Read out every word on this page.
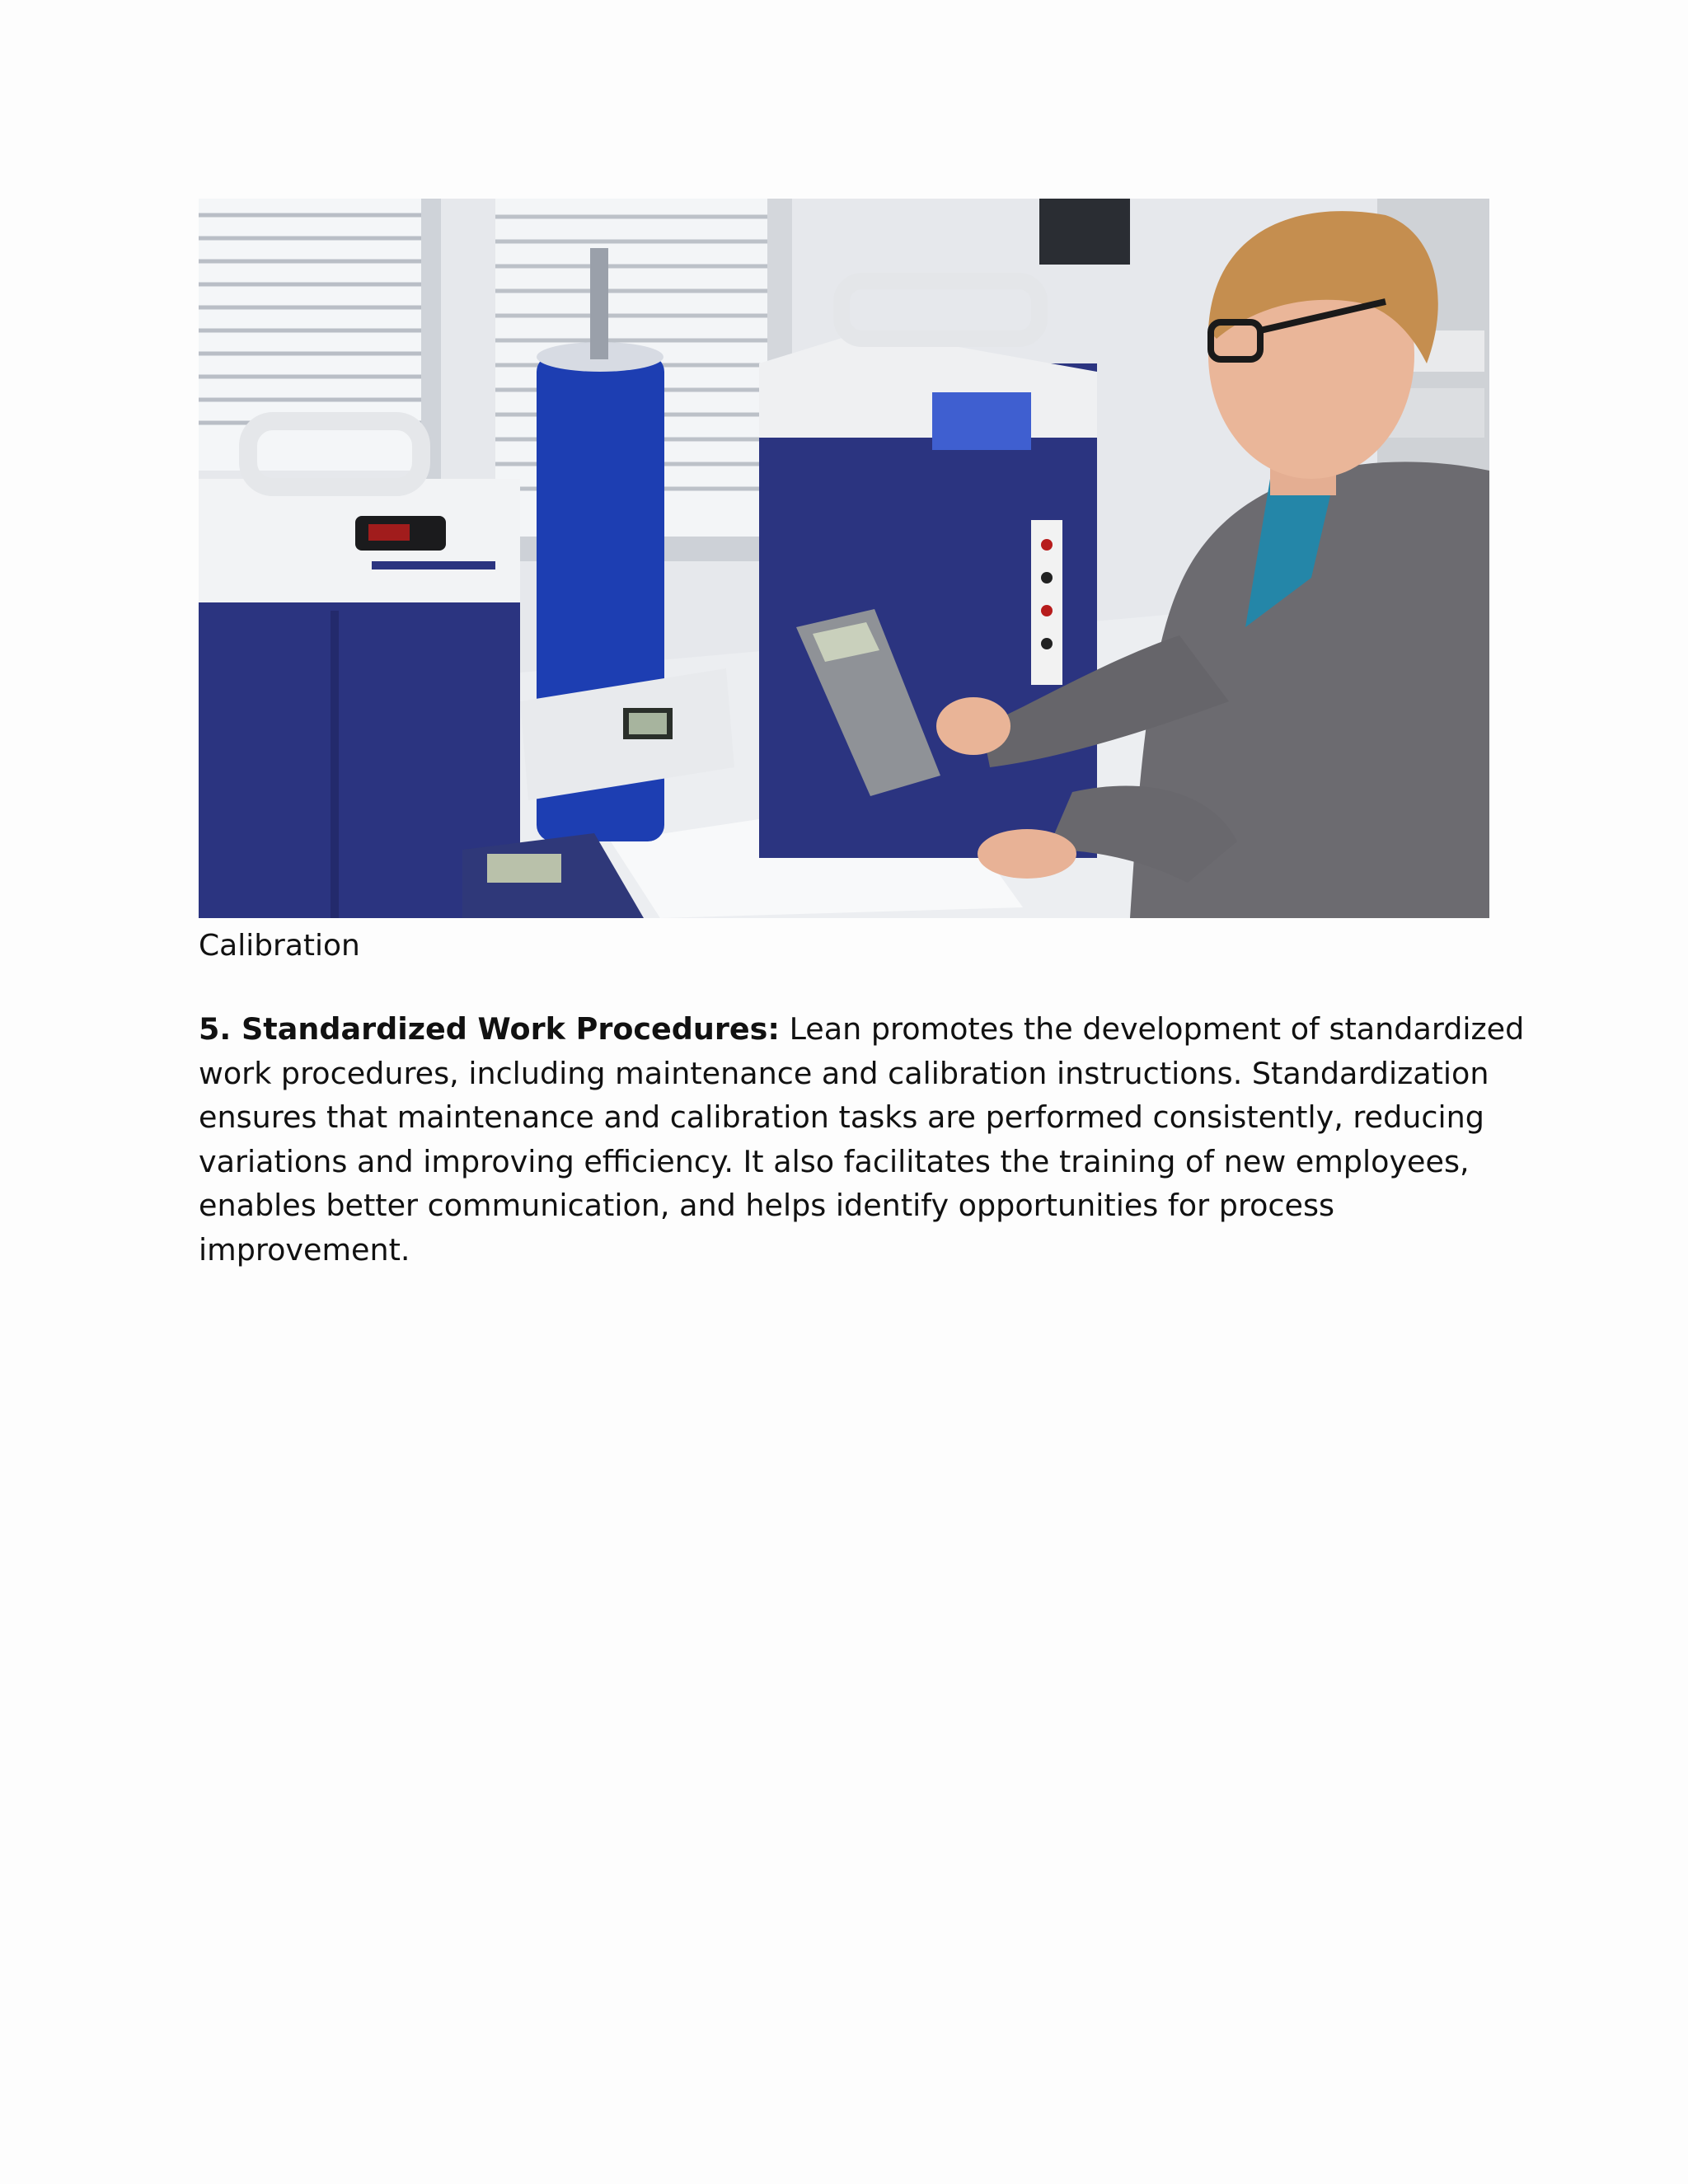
Calibration
5. Standardized Work Procedures: Lean promotes the development of standardized
work procedures, including maintenance and calibration instructions. Standardization
ensures that maintenance and calibration tasks are performed consistently, reducing
variations and improving efficiency. It also facilitates the training of new employees,
enables better communication, and helps identify opportunities for process
improvement.
